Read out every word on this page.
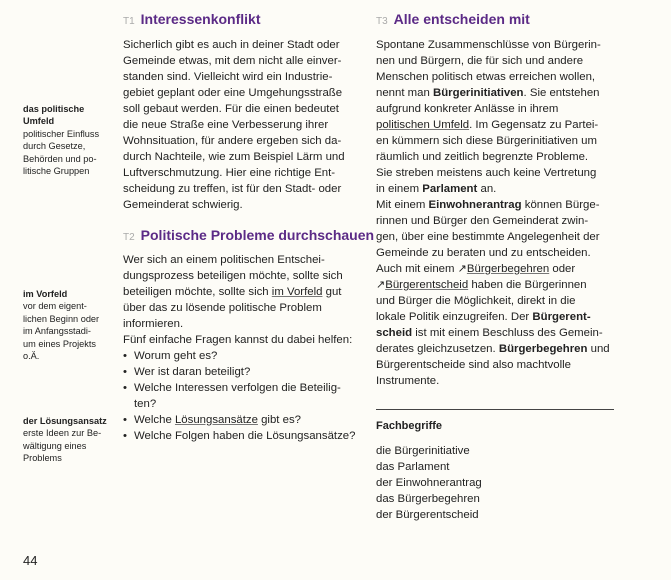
das politische
Umfeld
politischer Einfluss
durch Gesetze,
Behörden und po-
litische Gruppen
im Vorfeld
vor dem eigent-
lichen Beginn oder
im Anfangsstadi-
um eines Projekts
o.Ä.
der Lösungsansatz
erste Ideen zur Be-
wältigung eines
Problems
T1 Interessenkonflikt
Sicherlich gibt es auch in deiner Stadt oder
Gemeinde etwas, mit dem nicht alle einver-
standen sind. Vielleicht wird ein Industrie-
gebiet geplant oder eine Umgehungsstraße
soll gebaut werden. Für die einen bedeutet
die neue Straße eine Verbesserung ihrer
Wohnsituation, für andere ergeben sich da-
durch Nachteile, wie zum Beispiel Lärm und
Luftverschmutzung. Hier eine richtige Ent-
scheidung zu treffen, ist für den Stadt- oder
Gemeinderat schwierig.
T2 Politische Probleme durchschauen
Wer sich an einem politischen Entschei-
dungsprozess beteiligen möchte, sollte sich
beteiligen möchte, sollte sich im Vorfeld gut
über das zu lösende politische Problem
informieren.
Fünf einfache Fragen kannst du dabei helfen:
• Worum geht es?
• Wer ist daran beteiligt?
• Welche Interessen verfolgen die Beteilig-
ten?
• Welche Lösungsansätze gibt es?
• Welche Folgen haben die Lösungsansätze?
T3 Alle entscheiden mit
Spontane Zusammenschlüsse von Bürgerin-
nen und Bürgern, die für sich und andere
Menschen politisch etwas erreichen wollen,
nennt man Bürgerinitiativen. Sie entstehen
aufgrund konkreter Anlässe in ihrem
politischen Umfeld. Im Gegensatz zu Partei-
en kümmern sich diese Bürgerinitiativen um
räumlich und zeitlich begrenzte Probleme.
Sie streben meistens auch keine Vertretung
in einem Parlament an.
Mit einem Einwohnerantrag können Bürge-
rinnen und Bürger den Gemeinderat zwin-
gen, über eine bestimmte Angelegenheit der
Gemeinde zu beraten und zu entscheiden.
Auch mit einem ↗Bürgerbegehren oder
↗Bürgerentscheid haben die Bürgerinnen
und Bürger die Möglichkeit, direkt in die
lokale Politik einzugreifen. Der Bürgerent-
scheid ist mit einem Beschluss des Gemein-
derates gleichzusetzen. Bürgerbegehren und
Bürgerentscheide sind also machtvolle
Instrumente.
Fachbegriffe
die Bürgerinitiative
das Parlament
der Einwohnerantrag
das Bürgerbegehren
der Bürgerentscheid
44
